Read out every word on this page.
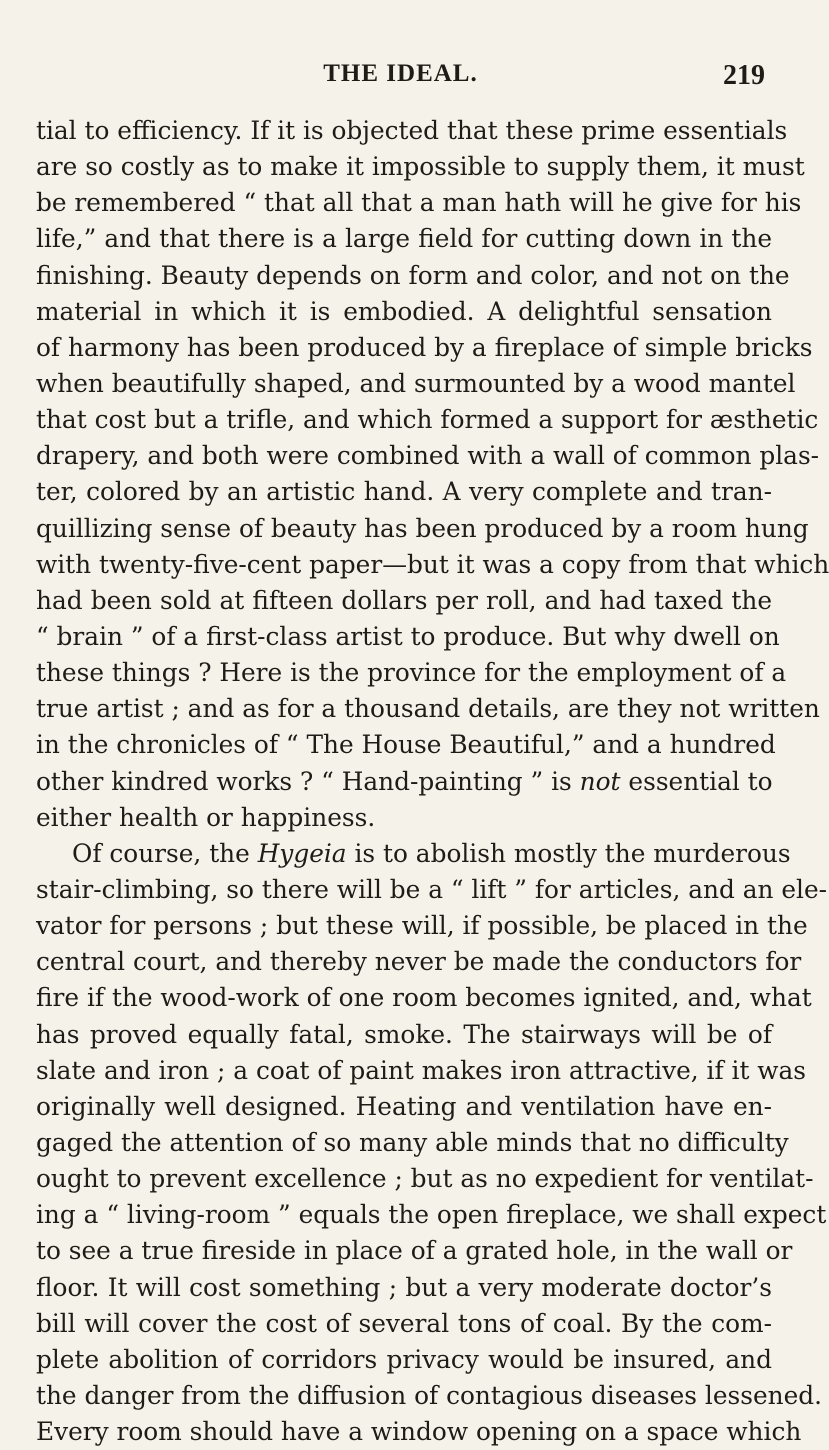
THE IDEAL.	219
tial to efficiency. If it is objected that these prime essentials
are so costly as to make it impossible to supply them, it must
be remembered “ that all that a man hath will he give for his
life,” and that there is a large field for cutting down in the
finishing. Beauty depends on form and color, and not on the
material in which it is embodied. A delightful sensation
of harmony has been produced by a fireplace of simple bricks
when beautifully shaped, and surmounted by a wood mantel
that cost but a trifle, and which formed a support for æsthetic
drapery, and both were combined with a wall of common plas-
ter, colored by an artistic hand. A very complete and tran-
quillizing sense of beauty has been produced by a room hung
with twenty-five-cent paper—but it was a copy from that which
had been sold at fifteen dollars per roll, and had taxed the
“ brain ” of a first-class artist to produce. But why dwell on
these things ? Here is the province for the employment of a
true artist ; and as for a thousand details, are they not written
in the chronicles of “ The House Beautiful,” and a hundred
other kindred works ? “ Hand-painting ” is not essential to
either health or happiness.
Of course, the Hygeia is to abolish mostly the murderous
stair-climbing, so there will be a “ lift ” for articles, and an ele-
vator for persons ; but these will, if possible, be placed in the
central court, and thereby never be made the conductors for
fire if the wood-work of one room becomes ignited, and, what
has proved equally fatal, smoke. The stairways will be of
slate and iron ; a coat of paint makes iron attractive, if it was
originally well designed. Heating and ventilation have en-
gaged the attention of so many able minds that no difficulty
ought to prevent excellence ; but as no expedient for ventilat-
ing a “ living-room ” equals the open fireplace, we shall expect
to see a true fireside in place of a grated hole, in the wall or
floor. It will cost something ; but a very moderate doctor’s
bill will cover the cost of several tons of coal. By the com-
plete abolition of corridors privacy would be insured, and
the danger from the diffusion of contagious diseases lessened.
Every room should have a window opening on a space which
